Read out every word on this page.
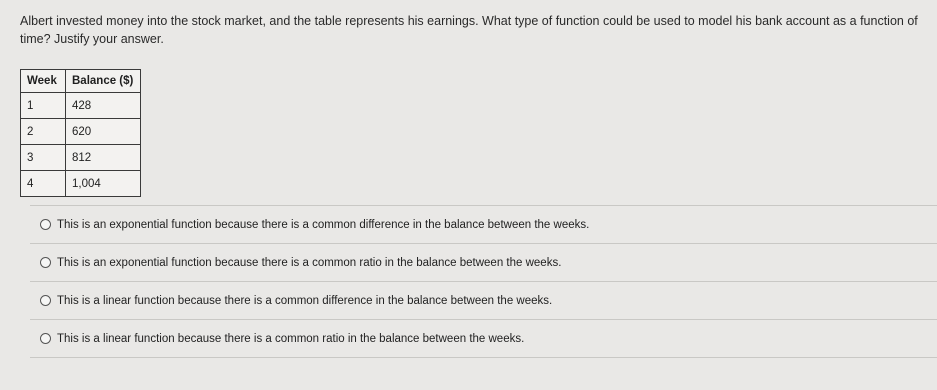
Albert invested money into the stock market, and the table represents his earnings. What type of function could be used to model his bank account as a function of time? Justify your answer.
Week	Balance ($)
1	428
2	620
3	812
4	1,004
This is an exponential function because there is a common difference in the balance between the weeks.
This is an exponential function because there is a common ratio in the balance between the weeks.
This is a linear function because there is a common difference in the balance between the weeks.
This is a linear function because there is a common ratio in the balance between the weeks.
